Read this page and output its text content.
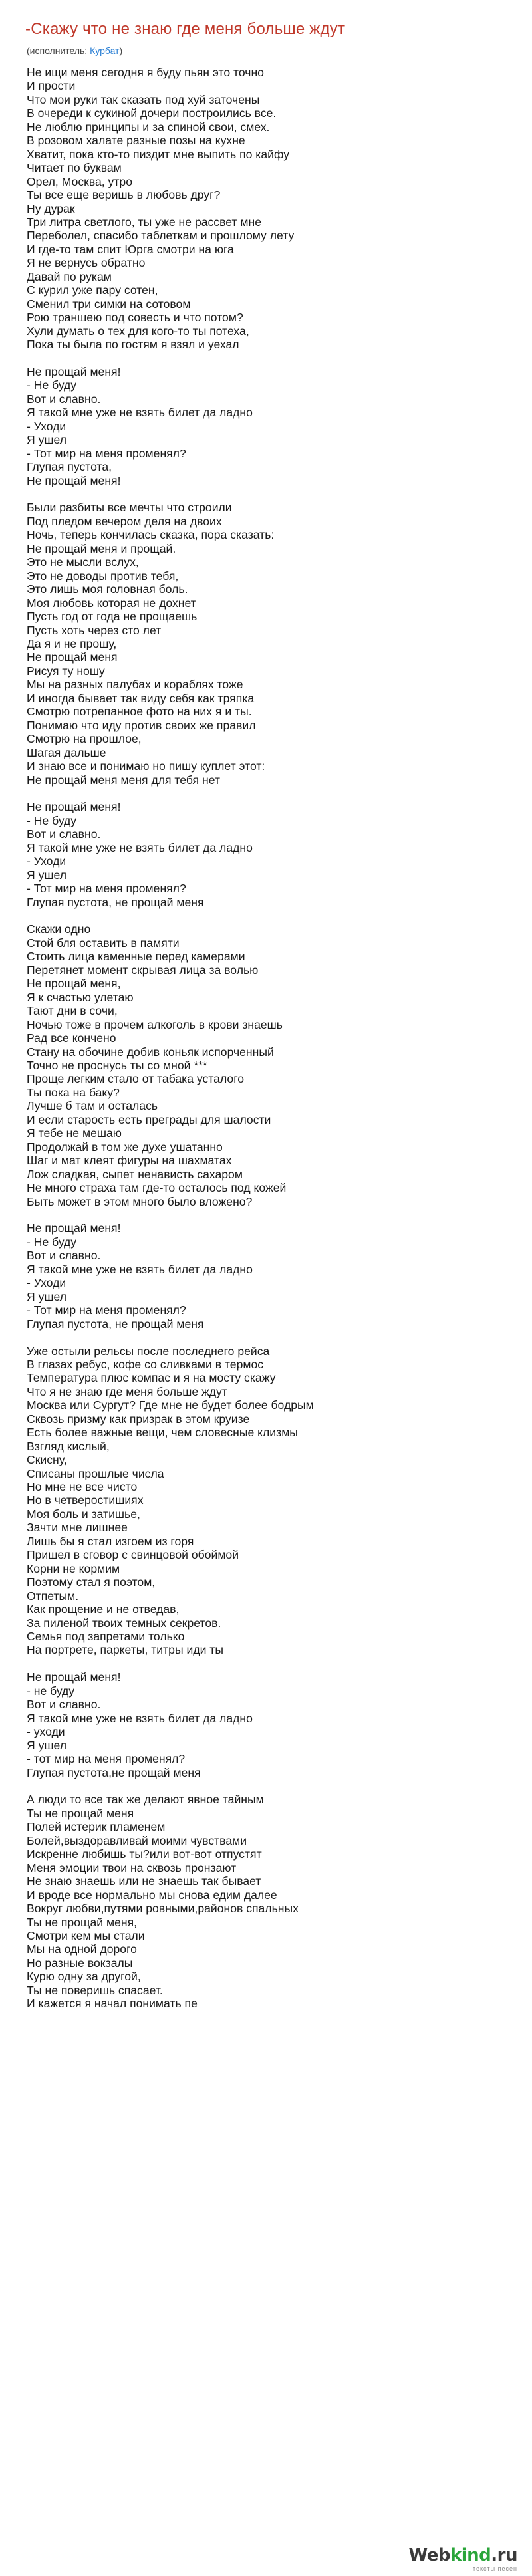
-Скажу что не знаю где меня больше ждут
(исполнитель: Курбат)
Не ищи меня сегодня я буду пьян это точно
И прости
Что мои руки так сказать под хуй заточены
В очереди к сукиной дочери построились все.
Не люблю принципы и за спиной свои, смех.
В розовом халате разные позы на кухне
Хватит, пока кто-то пиздит мне выпить по кайфу
Читает по буквам
Орел, Москва, утро
Ты все еще веришь в любовь друг?
Ну дурак
Три литра светлого, ты уже не рассвет мне
Переболел, спасибо таблеткам и прошлому лету
И где-то там спит Юрга смотри на юга
Я не вернусь обратно
Давай по рукам
С курил уже пару сотен,
Сменил три симки на сотовом
Рою траншею под совесть и что потом?
Хули думать о тех для кого-то ты потеха,
Пока ты была по гостям я взял и уехал
Не прощай меня!
- Не буду
Вот и славно.
Я такой мне уже не взять билет да ладно
- Уходи
Я ушел
- Тот мир на меня променял?
Глупая пустота,
Не прощай меня!
Были разбиты все мечты что строили
Под пледом вечером деля на двоих
Ночь, теперь кончилась сказка, пора сказать:
Не прощай меня и прощай.
Это не мысли вслух,
Это не доводы против тебя,
Это лишь моя головная боль.
Моя любовь которая не дохнет
Пусть год от года не прощаешь
Пусть хоть через сто лет
Да я и не прошу,
Не прощай меня
Рисуя ту ношу
Мы на разных палубах и кораблях тоже
И иногда бывает так виду себя как тряпка
Смотрю потрепанное фото на них я и ты.
Понимаю что иду против своих же правил
Смотрю на прошлое,
Шагая дальше
И знаю все и понимаю но пишу куплет этот:
Не прощай меня меня для тебя нет
Не прощай меня!
- Не буду
Вот и славно.
Я такой мне уже не взять билет да ладно
- Уходи
Я ушел
- Тот мир на меня променял?
Глупая пустота, не прощай меня
Скажи одно
Стой бля оставить в памяти
Стоить лица каменные перед камерами
Перетянет момент скрывая лица за волью
Не прощай меня,
Я к счастью улетаю
Тают дни в сочи,
Ночью тоже в прочем алкоголь в крови знаешь
Рад все кончено
Стану на обочине добив коньяк испорченный
Точно не проснусь ты со мной ***
Проще легким стало от табака усталого
Ты пока на баку?
Лучше б там и осталась
И если старость есть преграды для шалости
Я тебе не мешаю
Продолжай в том же духе ушатанно
Шаг и мат клеят фигуры на шахматах
Лож сладкая, сыпет ненависть сахаром
Не много страха там где-то осталось под кожей
Быть может в этом много было вложено?
Не прощай меня!
- Не буду
Вот и славно.
Я такой мне уже не взять билет да ладно
- Уходи
Я ушел
- Тот мир на меня променял?
Глупая пустота, не прощай меня
Уже остыли рельсы после последнего рейса
В глазах ребус, кофе со сливками в термос
Температура плюс компас и я на мосту скажу
Что я не знаю где меня больше ждут
Москва или Сургут? Где мне не будет более бодрым
Сквозь призму как призрак в этом круизе
Есть более важные вещи, чем словесные клизмы
Взгляд кислый,
Скисну,
Списаны прошлые числа
Но мне не все чисто
Но в четверостишиях
Моя боль и затишье,
Зачти мне лишнее
Лишь бы я стал изгоем из горя
Пришел в сговор с свинцовой обоймой
Корни не кормим
Поэтому стал я поэтом,
Отпетым.
Как прощение и не отведав,
За пиленой твоих темных секретов.
Семья под запретами только
На портрете, паркеты, титры иди ты
Не прощай меня!
- не буду
Вот и славно.
Я такой мне уже не взять билет да ладно
- уходи
Я ушел
- тот мир на меня променял?
Глупая пустота,не прощай меня
А люди то все так же делают явное тайным
Ты не прощай меня
Полей истерик пламенем
Болей,выздоравливай моими чувствами
Искренне любишь ты?или вот-вот отпустят
Меня эмоции твои на сквозь пронзают
Не знаю знаешь или не знаешь так бывает
И вроде все нормально мы снова едим далее
Вокруг любви,путями ровными,районов спальных
Ты не прощай меня,
Смотри кем мы стали
Мы на одной дорого
Но разные вокзалы
Курю одну за другой,
Ты не поверишь спасает.
И кажется я начал понимать пе
Webkind.ru
тексты песен
